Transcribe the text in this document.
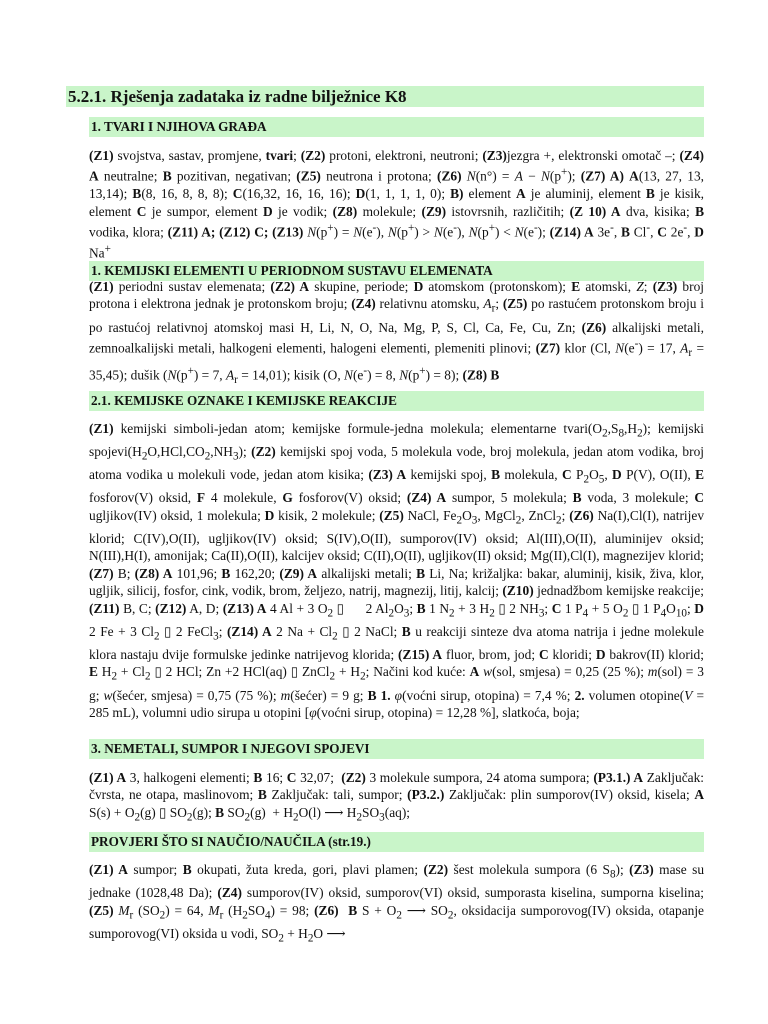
5.2.1. Rješenja zadataka iz radne bilježnice K8
1. TVARI I NJIHOVA GRAĐA
(Z1) svojstva, sastav, promjene, tvari; (Z2) protoni, elektroni, neutroni; (Z3)jezgra +, elektronski omotač –; (Z4) A neutralne; B pozitivan, negativan; (Z5) neutrona i protona; (Z6) N(n°) = A − N(p+); (Z7) A) A(13, 27, 13, 13,14); B(8, 16, 8, 8, 8); C(16,32, 16, 16, 16); D(1, 1, 1, 1, 0); B) element A je aluminij, element B je kisik, element C je sumpor, element D je vodik; (Z8) molekule; (Z9) istovrsnih, različitih; (Z 10) A dva, kisika; B vodika, klora; (Z11) A; (Z12) C; (Z13) N(p+) = N(e-), N(p+) > N(e-), N(p+) < N(e-); (Z14) A 3e-, B Cl-, C 2e-, D Na+
1. KEMIJSKI ELEMENTI U PERIODNOM SUSTAVU ELEMENATA
(Z1) periodni sustav elemenata; (Z2) A skupine, periode; D atomskom (protonskom); E atomski, Z; (Z3) broj protona i elektrona jednak je protonskom broju; (Z4) relativnu atomsku, $A_r$; (Z5) po rastućem protonskom broju i po rastućoj relativnoj atomskoj masi H, Li, N, O, Na, Mg, P, S, Cl, Ca, Fe, Cu, Zn; (Z6) alkalijski metali, zemnoalkalijski metali, halkogeni elementi, halogeni elementi, plemeniti plinovi; (Z7) klor (Cl, N(e-) = 17, $A_r = 35,45$); dušik (N(p+) = 7, $A_r = 14,01$); kisik (O, N(e-) = 8, N(p+) = 8); (Z8) B
2.1. KEMIJSKE OZNAKE I KEMIJSKE REAKCIJE
(Z1) kemijski simboli-jedan atom; kemijske formule-jedna molekula; elementarne $tvari(O_2,S_8,H_2)$; kemijski $spojevi(H_2O,HCl,CO_2,NH_3)$; (Z2) kemijski spoj voda, 5 molekula vode, broj molekula, jedan atom vodika, broj atoma vodika u molekuli vode, jedan atom kisika; (Z3) A kemijski spoj, B molekula, C $P_2O_5$, D P(V), O(II), E fosforov(V) oksid, F 4 molekule, G fosforov(V) oksid; (Z4) A sumpor, 5 molekula; B voda, 3 molekule; C ugljikov(IV) oksid, 1 molekula; D kisik, 2 molekule; (Z5) NaCl, $Fe_2O_3$, MgCl$_2$, ZnCl$_2$; (Z6) Na(I),Cl(I), natrijev klorid; C(IV),O(II), ugljikov(IV) oksid; S(IV),O(II), sumporov(IV) oksid; Al(III),O(II), aluminijev oksid; N(III),H(I), amonijak; Ca(II),O(II), kalcijev oksid; C(II),O(II), ugljikov(II) oksid; Mg(II),Cl(I), magnezijev klorid; (Z7) B; (Z8) A 101,96; B 162,20; (Z9) A alkalijski metali; B Li, Na; križaljka: bakar, aluminij, kisik, živa, klor, ugljik, silicij, fosfor, cink, vodik, brom, željezo, natrij, magnezij, litij, kalcij; (Z10) jednadžbom kemijske reakcije; (Z11) B, C; (Z12) A, D; (Z13) A 4 Al + 3 $O_2$ ▯ 2 $Al_2O_3$; B 1 $N_2 + 3$ $H_2$ ▯ 2 $NH_3$; C 1 $P_4 + 5$ $O_2$ ▯ 1 $P_4O_{10}$; D 2 Fe + 3 $Cl_2$ ▯ 2 FeCl$_3$; (Z14) A 2 $Na + Cl_2$ ▯ 2 NaCl; B u reakciji sinteze dva atoma natrija i jedne molekule klora nastaju dvije formulske jedinke natrijevog klorida; (Z15) A fluor, brom, jod; C kloridi; D bakrov(II) klorid; E $H_2 + Cl_2$ ▯ 2 HCl; Zn +2 HCl(aq) ▯ ZnCl$_2$ + $H_2$; Načini kod kuće: A w(sol, smjesa) = 0,25 (25 %); m(sol) = 3 g; w(šećer, smjesa) = 0,75 (75 %); m(šećer) = 9 g; B 1. φ(voćni sirup, otopina) = 7,4 %; 2. volumen otopine(V = 285 mL), volumni udio sirupa u otopini [φ(voćni sirup, otopina) = 12,28 %], slatkoća, boja;
3. NEMETALI, SUMPOR I NJEGOVI SPOJEVI
(Z1) A 3, halkogeni elementi; B 16; C 32,07;  (Z2) 3 molekule sumpora, 24 atoma sumpora; (P3.1.) A Zaključak: čvrsta, ne otapa, maslinovom; B Zaključak: tali, sumpor; (P3.2.) Zaključak: plin sumporov(IV) oksid, kisela; A $S(s) + O_2(g)$ ▯ $SO_2(g)$; B $SO_2(g) + H_2O(l)$ ⟶ $H_2SO_3(aq)$;
PROVJERI ŠTO SI NAUČIO/NAUČILA (str.19.)
(Z1) A sumpor; B okupati, žuta kreda, gori, plavi plamen; (Z2) šest molekula sumpora (6 $S_8$); (Z3) mase su jednake (1028,48 Da); (Z4) sumporov(IV) oksid, sumporov(VI) oksid, sumporasta kiselina, sumporna kiselina; (Z5) $M_r$ $(SO_2) = 64$, $M_r$ $(H_2SO_4) = 98$; (Z6) B $S + O_2$ ⟶ $SO_2$, oksidacija sumporovog(IV) oksida, otapanje sumporovog(VI) oksida u vodi, $SO_2 + H_2O$ ⟶
